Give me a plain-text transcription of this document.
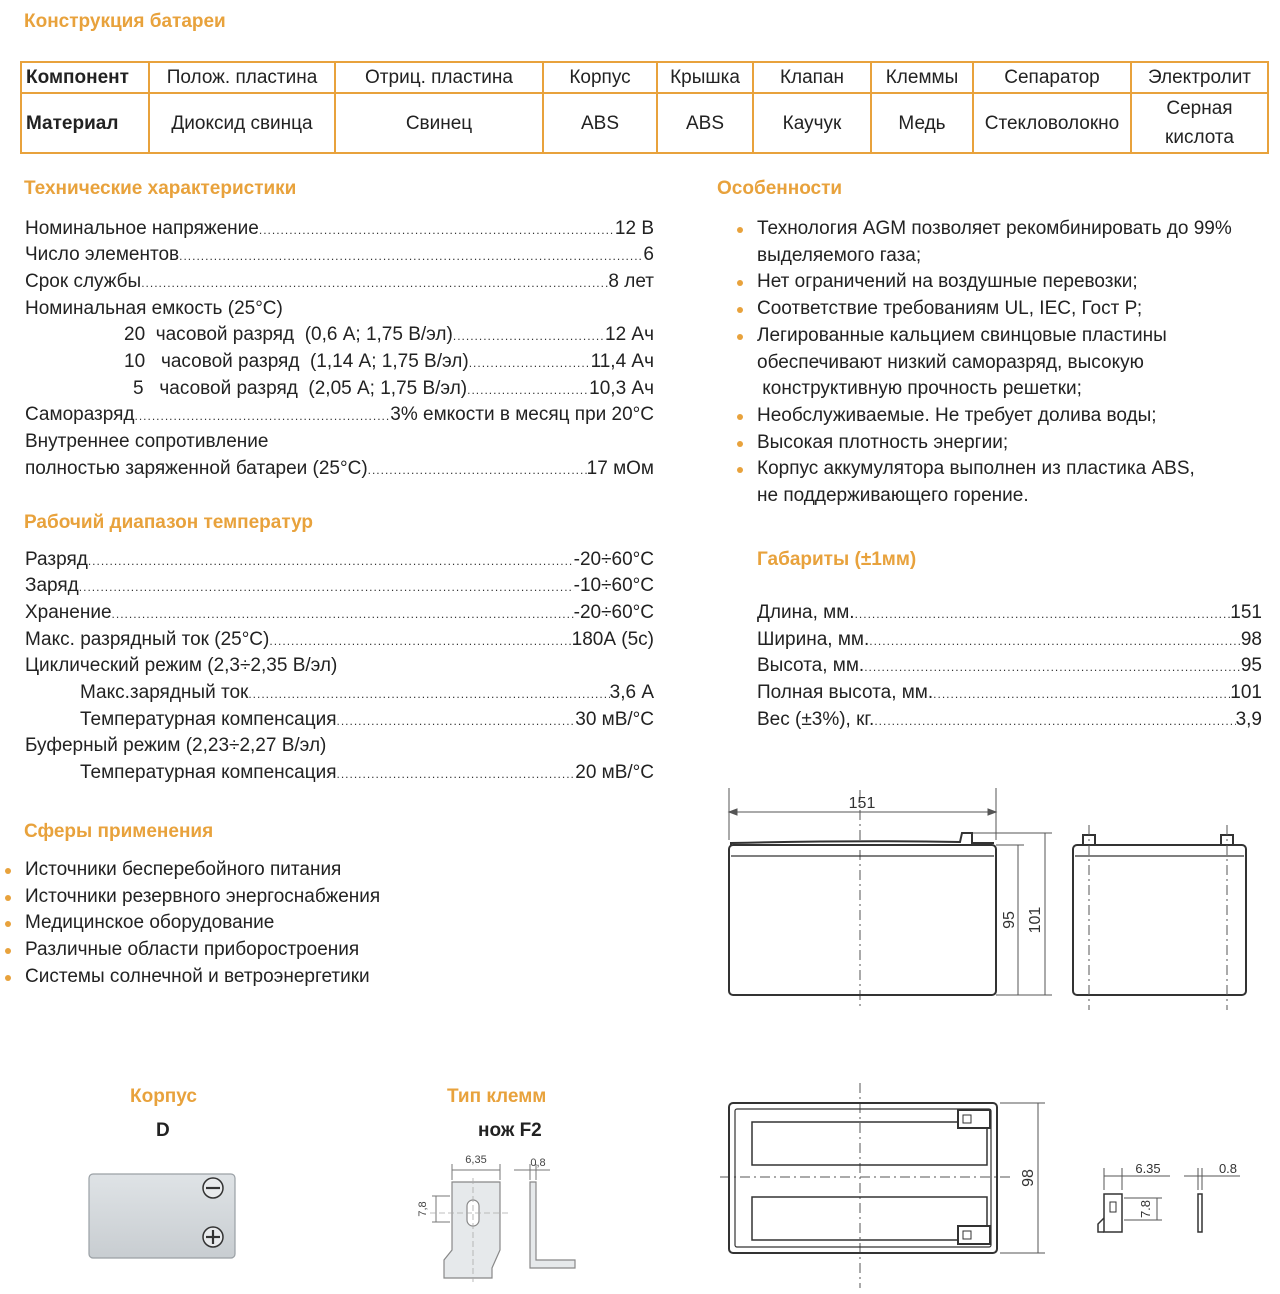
Конструкция батареи
Компонент	Полож. пластина	Отриц. пластина	Корпус	Крышка	Клапан	Клеммы	Сепаратор	Электролит
Материал	Диоксид свинца	Свинец	ABS	ABS	Каучук	Медь	Стекловолокно	Серная кислота
Технические характеристики
Номинальное напряжение .....	12 В
Число элементов .....	6
Срок службы .....	8 лет
Номинальная емкость (25°C)
20  часовой разряд  (0,6 А; 1,75 В/эл) .....	12 Ач
10   часовой разряд  (1,14 А; 1,75 В/эл) .....	11,4 Ач
5   часовой разряд  (2,05 А; 1,75 В/эл) .....	10,3 Ач
Саморазряд .....	3% емкости в месяц при 20°C
Внутреннее сопротивление
полностью заряженной батареи (25°C) .....	17 мОм
Рабочий диапазон температур
Разряд .....	-20÷60°C
Заряд .....	-10÷60°C
Хранение .....	-20÷60°C
Макс. разрядный ток (25°C) .....	180А (5с)
Циклический режим (2,3÷2,35 В/эл)
Макс.зарядный ток .....	3,6 А
Температурная компенсация .....	30 мВ/°C
Буферный режим (2,23÷2,27 В/эл)
Температурная компенсация .....	20 мВ/°C
Сферы применения
Источники бесперебойного питания
Источники резервного энергоснабжения
Медицинское оборудование
Различные области приборостроения
Системы солнечной и ветроэнергетики
Особенности
Технология AGM позволяет рекомбинировать до 99%
выделяемого газа;
Нет ограничений на воздушные перевозки;
Соответствие требованиям UL, IEC, Гост Р;
Легированные кальцием свинцовые пластины
обеспечивают низкий саморазряд, высокую
конструктивную прочность решетки;
Необслуживаемые. Не требует долива воды;
Высокая плотность энергии;
Корпус аккумулятора выполнен из пластика ABS,
не поддерживающего горение.
Габариты (±1мм)
Длина, мм. .....	151
Ширина, мм. .....	98
Высота, мм. .....	95
Полная высота, мм. .....	101
Вес (±3%), кг. .....	3,9
151
95 101
98
6.35	0.8
7.8
Корпус
D
Тип клемм
нож F2
6,35	0,8
7,8
